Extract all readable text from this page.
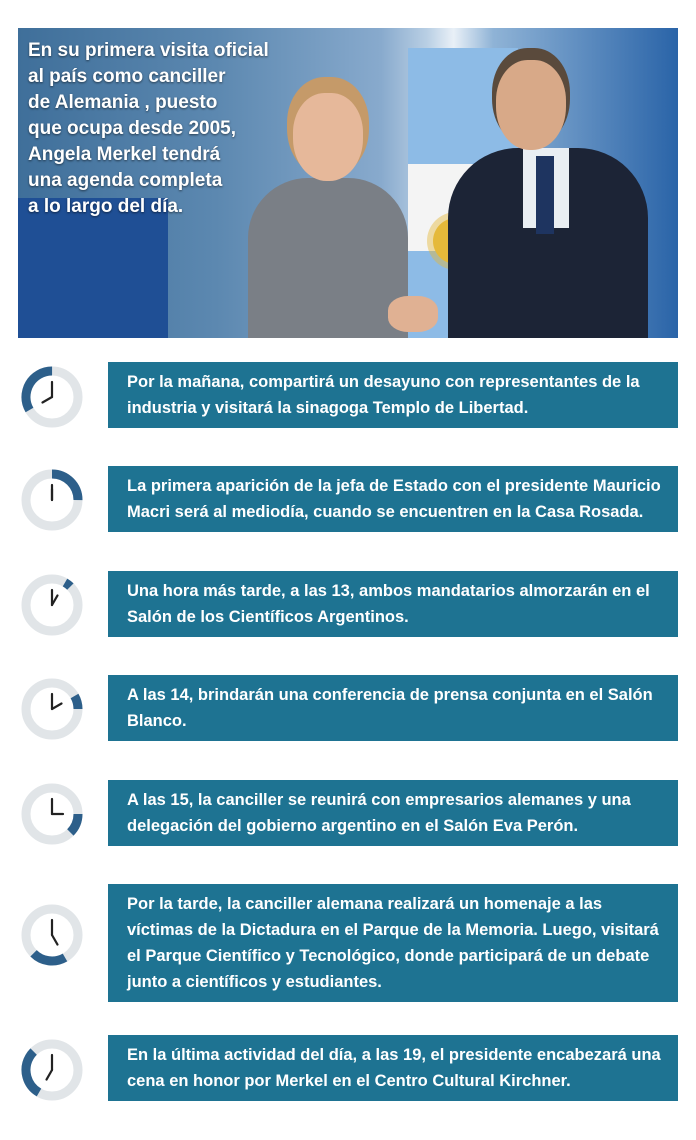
En su primera visita oficial
al país como canciller
de Alemania , puesto
que ocupa desde 2005,
Angela Merkel tendrá
una agenda completa
a lo largo del día.

Por la mañana, compartirá un desayuno con representantes de la industria y visitará la sinagoga Templo de Libertad.
La primera aparición de la jefa de Estado con el presidente Mauricio Macri será al mediodía, cuando se encuentren en la Casa Rosada.
Una hora más tarde, a las 13, ambos mandatarios almorzarán en el Salón de los Científicos Argentinos.
A las 14, brindarán una conferencia de prensa conjunta en el Salón Blanco.
A las 15, la canciller se reunirá con empresarios alemanes y una delegación del gobierno argentino en el Salón Eva Perón.
Por la tarde, la canciller alemana realizará un homenaje a las víctimas de la Dictadura en el Parque de la Memoria. Luego, visitará el Parque Científico y Tecnológico, donde participará de un debate junto a científicos y estudiantes.
En la última actividad del día, a las 19, el presidente encabezará una cena en honor por Merkel en el Centro Cultural Kirchner.
